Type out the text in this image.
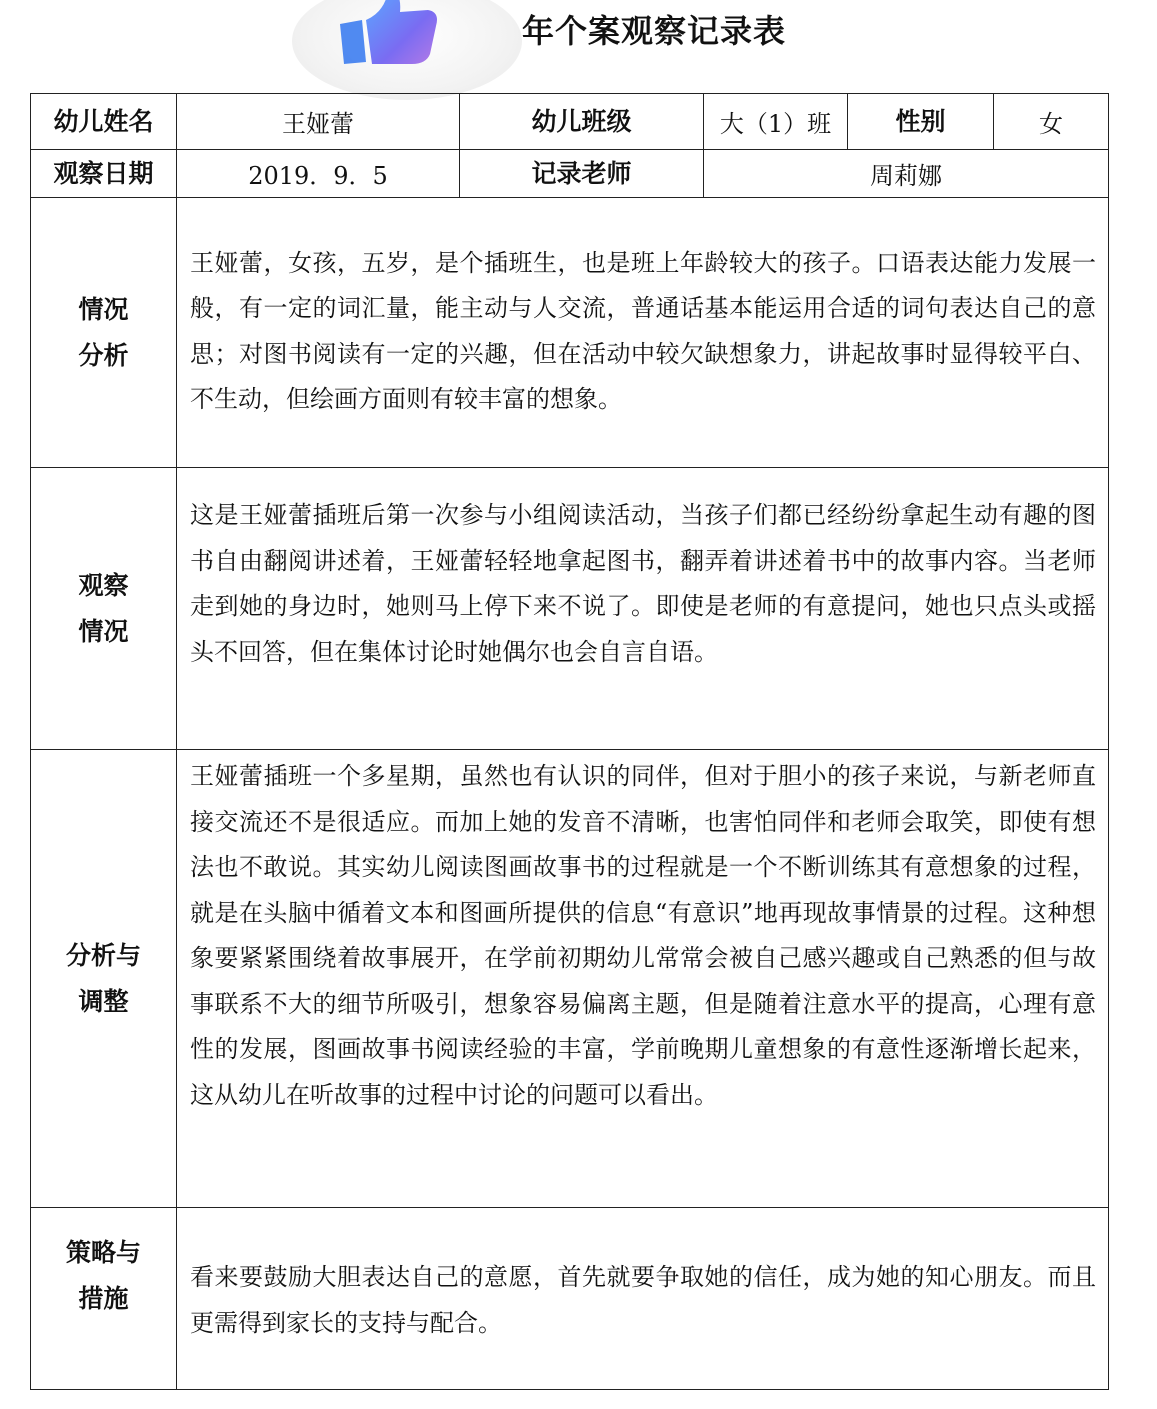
年个案观察记录表
幼儿姓名	王娅蕾	幼儿班级	大（1）班	性别	女
观察日期	2019．9．5	记录老师	周莉娜		

情况
分析	王娅蕾，女孩，五岁，是个插班生，也是班上年龄较大的孩子。口语表达能力发展一般，有一定的词汇量，能主动与人交流，普通话基本能运用合适的词句表达自己的意思；对图书阅读有一定的兴趣，但在活动中较欠缺想象力，讲起故事时显得较平白、不生动，但绘画方面则有较丰富的想象。				

观察
情况	这是王娅蕾插班后第一次参与小组阅读活动，当孩子们都已经纷纷拿起生动有趣的图书自由翻阅讲述着，王娅蕾轻轻地拿起图书，翻弄着讲述着书中的故事内容。当老师走到她的身边时，她则马上停下来不说了。即使是老师的有意提问，她也只点头或摇头不回答，但在集体讨论时她偶尔也会自言自语。				

分析与
调整	王娅蕾插班一个多星期，虽然也有认识的同伴，但对于胆小的孩子来说，与新老师直接交流还不是很适应。而加上她的发音不清晰，也害怕同伴和老师会取笑，即使有想法也不敢说。其实幼儿阅读图画故事书的过程就是一个不断训练其有意想象的过程，就是在头脑中循着文本和图画所提供的信息“有意识”地再现故事情景的过程。这种想象要紧紧围绕着故事展开，在学前初期幼儿常常会被自己感兴趣或自己熟悉的但与故事联系不大的细节所吸引，想象容易偏离主题，但是随着注意水平的提高，心理有意性的发展，图画故事书阅读经验的丰富，学前晚期儿童想象的有意性逐渐增长起来，这从幼儿在听故事的过程中讨论的问题可以看出。				

策略与
措施	看来要鼓励大胆表达自己的意愿，首先就要争取她的信任，成为她的知心朋友。而且更需得到家长的支持与配合。				
